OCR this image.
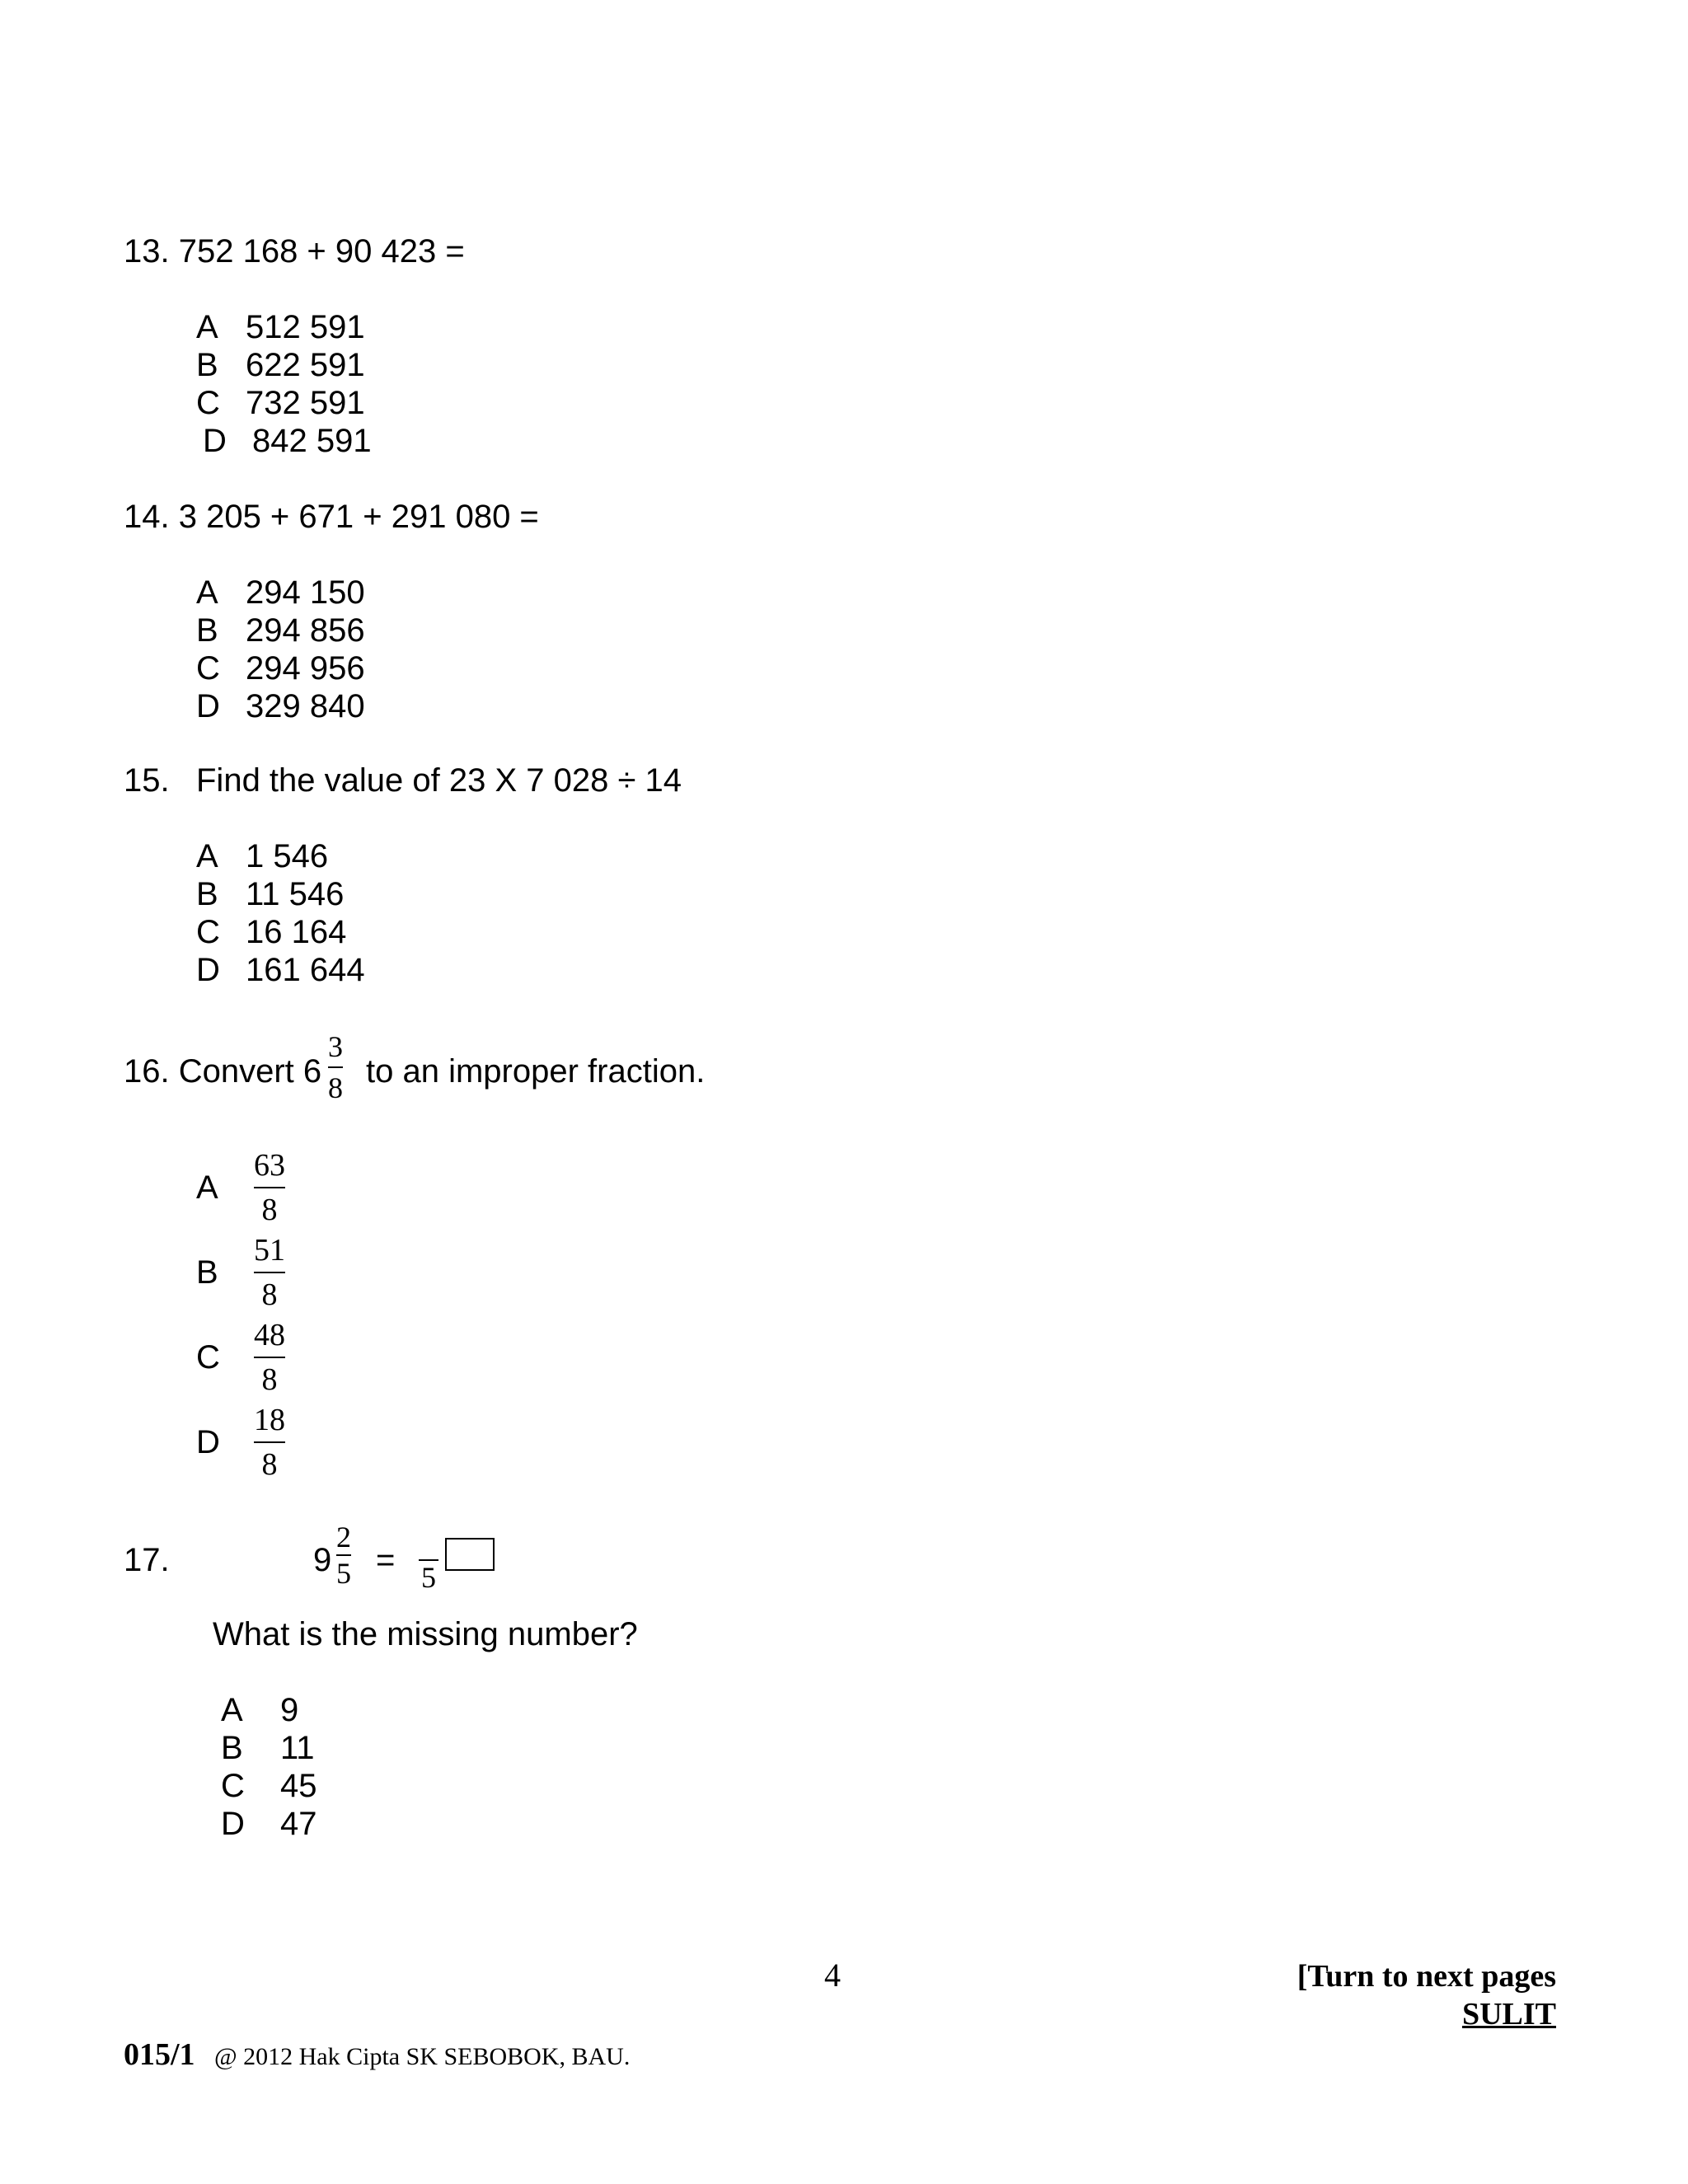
13. 752 168 + 90 423 =
A 512 591
B 622 591
C 732 591
D 842 591
14. 3 205 + 671 + 291 080 =
A 294 150
B 294 856
C 294 956
D 329 840
15. Find the value of 23 X 7 028 ÷ 14
A 1 546
B 11 546
C 16 164
D 161 644
16. Convert $6 \frac{3}{8}$ to an improper fraction.
A	$\frac{63}{8}$
B	$\frac{51}{8}$
C	$\frac{48}{8}$
D	$\frac{18}{8}$
17.	$9 \frac{2}{5} = 5$
What is the missing number?
A	9
B	11
C	45
D	47
4	[Turn to next pages
SULIT
015/1 @ 2012 Hak Cipta SK SEBOBOK, BAU.
